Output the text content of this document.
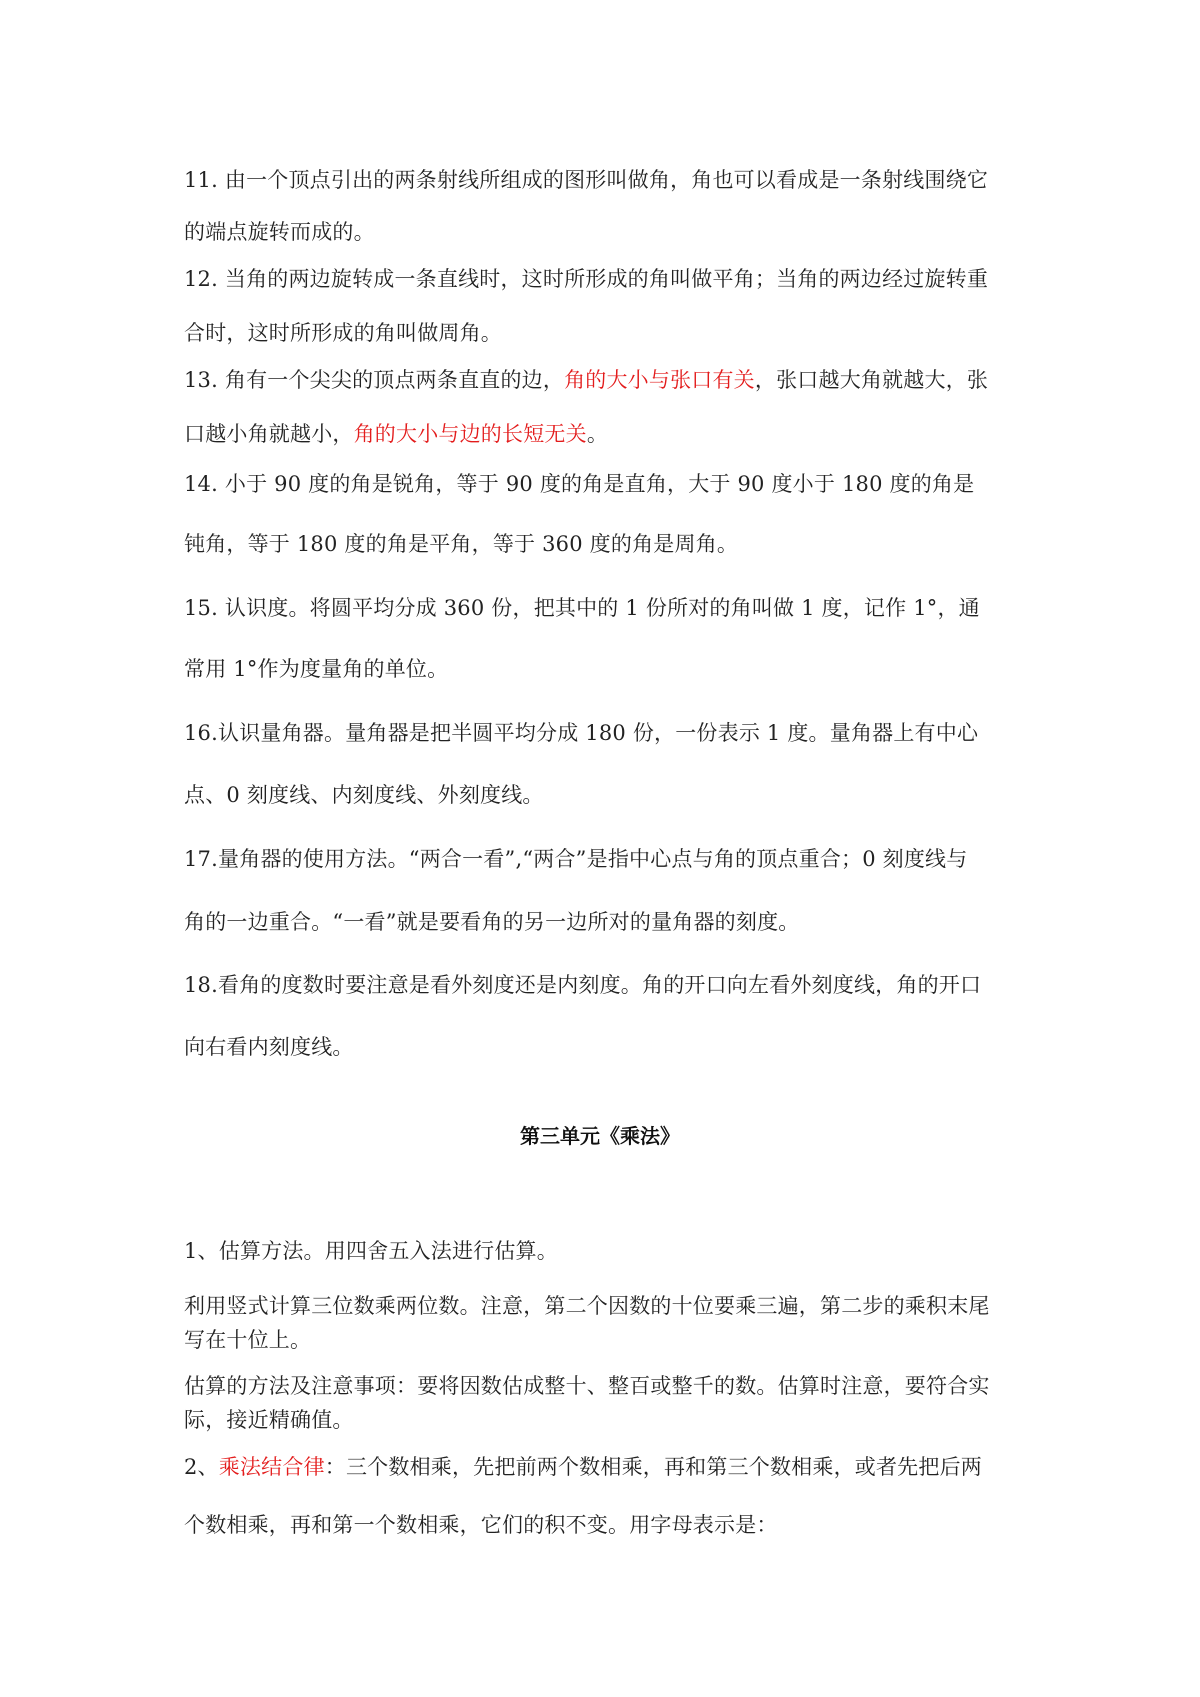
11. 由一个顶点引出的两条射线所组成的图形叫做角，角也可以看成是一条射线围绕它
的端点旋转而成的。
12. 当角的两边旋转成一条直线时，这时所形成的角叫做平角；当角的两边经过旋转重
合时，这时所形成的角叫做周角。
13. 角有一个尖尖的顶点两条直直的边，角的大小与张口有关，张口越大角就越大，张
口越小角就越小，角的大小与边的长短无关。
14. 小于 90 度的角是锐角，等于 90 度的角是直角，大于 90 度小于 180 度的角是
钝角，等于 180 度的角是平角，等于 360 度的角是周角。
15. 认识度。将圆平均分成 360 份，把其中的 1 份所对的角叫做 1 度，记作 1°，通
常用 1°作为度量角的单位。
16.认识量角器。量角器是把半圆平均分成 180 份，一份表示 1 度。量角器上有中心
点、0 刻度线、内刻度线、外刻度线。
17.量角器的使用方法。“两合一看”,“两合”是指中心点与角的顶点重合；0 刻度线与
角的一边重合。“一看”就是要看角的另一边所对的量角器的刻度。
18.看角的度数时要注意是看外刻度还是内刻度。角的开口向左看外刻度线，角的开口
向右看内刻度线。
第三单元《乘法》
1、估算方法。用四舍五入法进行估算。
利用竖式计算三位数乘两位数。注意，第二个因数的十位要乘三遍，第二步的乘积末尾
写在十位上。
估算的方法及注意事项：要将因数估成整十、整百或整千的数。估算时注意，要符合实
际，接近精确值。
2、乘法结合律：三个数相乘，先把前两个数相乘，再和第三个数相乘，或者先把后两
个数相乘，再和第一个数相乘，它们的积不变。用字母表示是：
